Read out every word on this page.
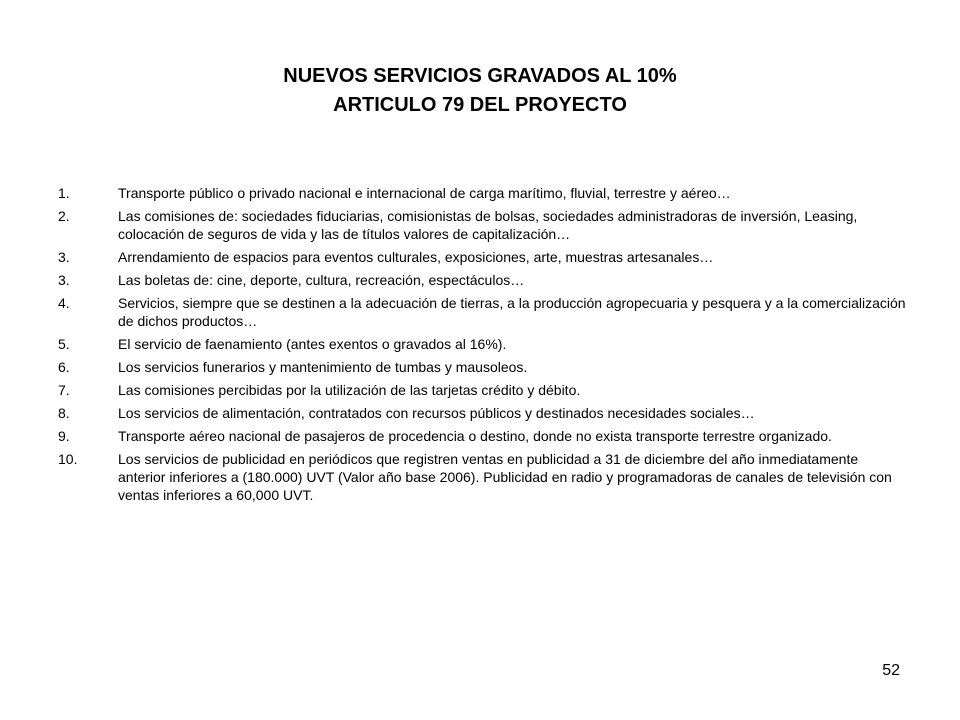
NUEVOS SERVICIOS GRAVADOS AL 10%
ARTICULO 79 DEL PROYECTO
1.	Transporte público o privado nacional e internacional de carga marítimo, fluvial, terrestre y aéreo…
2.	Las comisiones de: sociedades fiduciarias, comisionistas de bolsas, sociedades administradoras de inversión, Leasing, colocación de seguros de vida y las de títulos valores de capitalización…
3.	Arrendamiento de espacios para eventos culturales, exposiciones, arte, muestras artesanales…
3.	Las boletas de: cine, deporte, cultura, recreación, espectáculos…
4.	Servicios, siempre que se destinen a la adecuación de tierras, a la producción agropecuaria y pesquera y a la comercialización de dichos productos…
5.	El servicio de faenamiento (antes exentos o gravados al 16%).
6.	Los servicios funerarios y mantenimiento de tumbas y mausoleos.
7.	Las comisiones percibidas por la utilización de las tarjetas crédito y débito.
8.	Los servicios de alimentación, contratados con recursos públicos y destinados necesidades sociales…
9.	Transporte aéreo nacional de pasajeros de procedencia o destino, donde no exista transporte terrestre organizado.
10.	Los servicios de publicidad en periódicos que registren ventas en publicidad a 31 de diciembre del año inmediatamente anterior inferiores a (180.000) UVT (Valor año base 2006). Publicidad en radio y programadoras de canales de televisión con ventas inferiores a 60,000 UVT.
52
